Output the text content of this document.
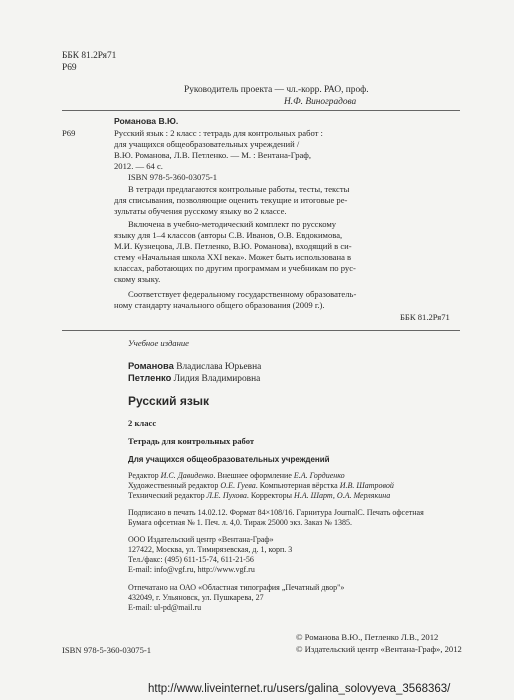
ББК 81.2Ря71
Р69
Руководитель проекта — чл.-корр. РАО, проф.
Н.Ф. Виноградова
Романова В.Ю.
Р69	Русский язык : 2 класс : тетрадь для контрольных работ :
для учащихся общеобразовательных учреждений /
В.Ю. Романова, Л.В. Петленко. — М. : Вентана-Граф,
2012. — 64 с.
ISBN 978-5-360-03075-1
В тетради предлагаются контрольные работы, тесты, тексты
для списывания, позволяющие оценить текущие и итоговые ре-
зультаты обучения русскому языку во 2 классе.
Включена в учебно-методический комплект по русскому
языку для 1–4 классов (авторы С.В. Иванов, О.В. Евдокимова,
М.И. Кузнецова, Л.В. Петленко, В.Ю. Романова), входящий в си-
стему «Начальная школа XXI века». Может быть использована в
классах, работающих по другим программам и учебникам по рус-
скому языку.
Соответствует федеральному государственному образователь-
ному стандарту начального общего образования (2009 г.).
ББК 81.2Ря71
Учебное издание
Романова Владислава Юрьевна
Петленко Лидия Владимировна
Русский язык
2 класс
Тетрадь для контрольных работ
Для учащихся общеобразовательных учреждений
Редактор И.С. Давиденко. Внешнее оформление Е.А. Гордиенко
Художественный редактор О.Е. Гуева. Компьютерная вёрстка И.В. Шатровой
Технический редактор Л.Е. Пухова. Корректоры Н.А. Шарт, О.А. Мерлякина
Подписано в печать 14.02.12. Формат 84×108/16. Гарнитура JournalC. Печать офсетная
Бумага офсетная № 1. Печ. л. 4,0. Тираж 25000 экз. Заказ № 1385.
ООО Издательский центр «Вентана-Граф»
127422, Москва, ул. Тимирязевская, д. 1, корп. 3
Тел./факс: (495) 611-15-74, 611-21-56
E-mail: info@vgf.ru, http://www.vgf.ru
Отпечатано на ОАО «Областная типография „Печатный двор"»
432049, г. Ульяновск, ул. Пушкарева, 27
E-mail: ul-pd@mail.ru
ISBN 978-5-360-03075-1
© Романова В.Ю., Петленко Л.В., 2012
© Издательский центр «Вентана-Граф», 2012
http://www.liveinternet.ru/users/galina_solovyeva_3568363/
